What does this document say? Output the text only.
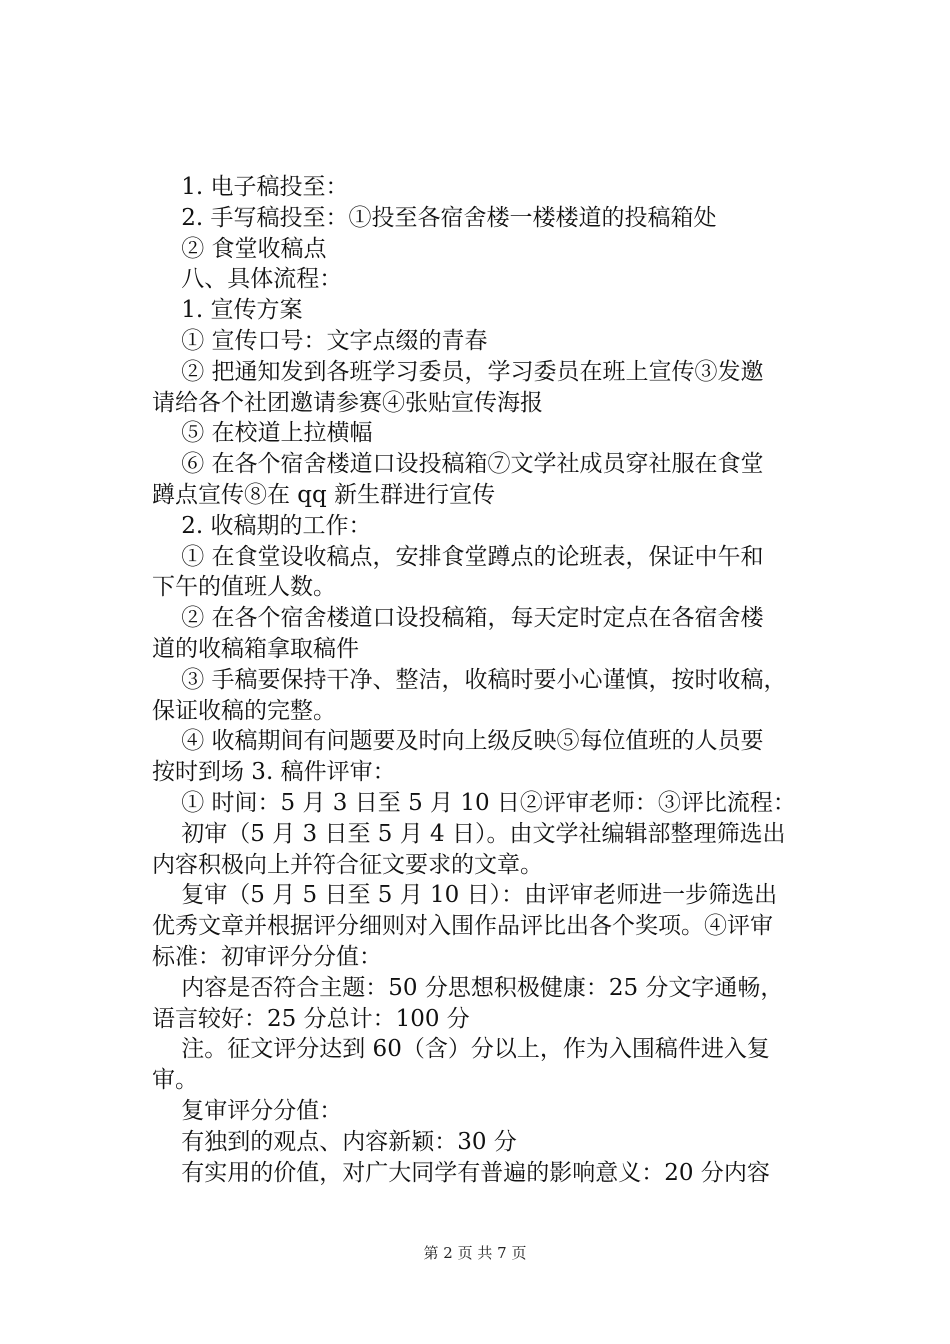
1. 电子稿投至：
2. 手写稿投至：①投至各宿舍楼一楼楼道的投稿箱处
② 食堂收稿点
八、具体流程：
1. 宣传方案
① 宣传口号：文字点缀的青春
② 把通知发到各班学习委员，学习委员在班上宣传③发邀
请给各个社团邀请参赛④张贴宣传海报
⑤ 在校道上拉横幅
⑥ 在各个宿舍楼道口设投稿箱⑦文学社成员穿社服在食堂
蹲点宣传⑧在 qq 新生群进行宣传
2. 收稿期的工作：
① 在食堂设收稿点，安排食堂蹲点的论班表，保证中午和
下午的值班人数。
② 在各个宿舍楼道口设投稿箱，每天定时定点在各宿舍楼
道的收稿箱拿取稿件
③ 手稿要保持干净、整洁，收稿时要小心谨慎，按时收稿，
保证收稿的完整。
④ 收稿期间有问题要及时向上级反映⑤每位值班的人员要
按时到场 3. 稿件评审：
① 时间：5 月 3 日至 5 月 10 日②评审老师：③评比流程：
初审（5 月 3 日至 5 月 4 日）。由文学社编辑部整理筛选出
内容积极向上并符合征文要求的文章。
复审（5 月 5 日至 5 月 10 日）：由评审老师进一步筛选出
优秀文章并根据评分细则对入围作品评比出各个奖项。④评审
标准：初审评分分值：
内容是否符合主题：50 分思想积极健康：25 分文字通畅，
语言较好：25 分总计：100 分
注。征文评分达到 60（含）分以上，作为入围稿件进入复
审。
复审评分分值：
有独到的观点、内容新颖：30 分
有实用的价值，对广大同学有普遍的影响意义：20 分内容
第 2 页 共 7 页
